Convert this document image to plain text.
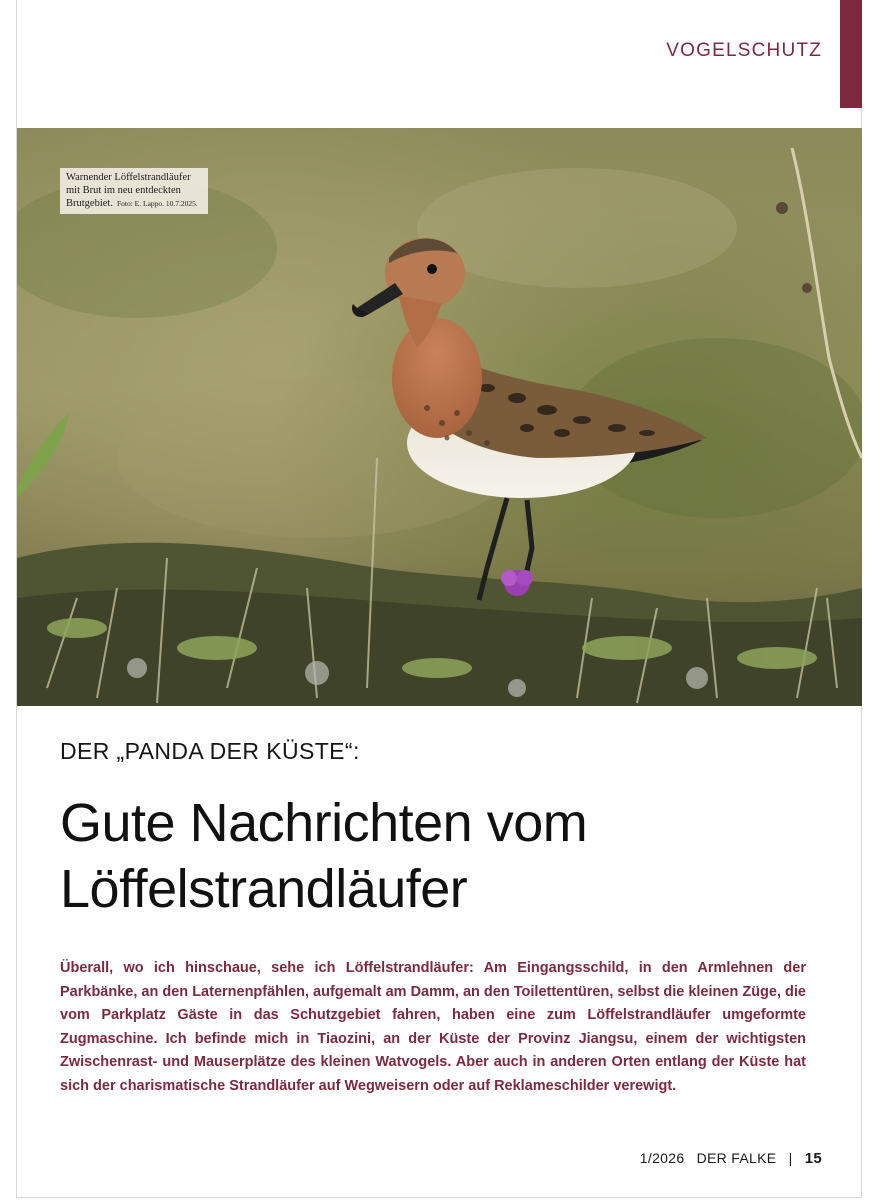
VOGELSCHUTZ
Warnender Löffelstrandläufer mit Brut im neu entdeckten Brutgebiet. Foto: E. Lappo. 10.7.2025.
DER „PANDA DER KÜSTE“:
Gute Nachrichten vom
Löffelstrandläufer

Überall, wo ich hinschaue, sehe ich Löffelstrandläufer: Am Eingangsschild, in den Armlehnen der Parkbänke, an den Laternenpfählen, aufgemalt am Damm, an den Toilettentüren, selbst die kleinen Züge, die vom Parkplatz Gäste in das Schutzgebiet fahren, haben eine zum Löffelstrandläufer umgeformte Zugmaschine. Ich befinde mich in Tiaozini, an der Küste der Provinz Jiangsu, einem der wichtigsten Zwischenrast- und Mauserplätze des kleinen Watvogels. Aber auch in anderen Orten entlang der Küste hat sich der charismatische Strandläufer auf Wegweisern oder auf Reklameschilder verewigt.

1/2026 DER FALKE | 15
